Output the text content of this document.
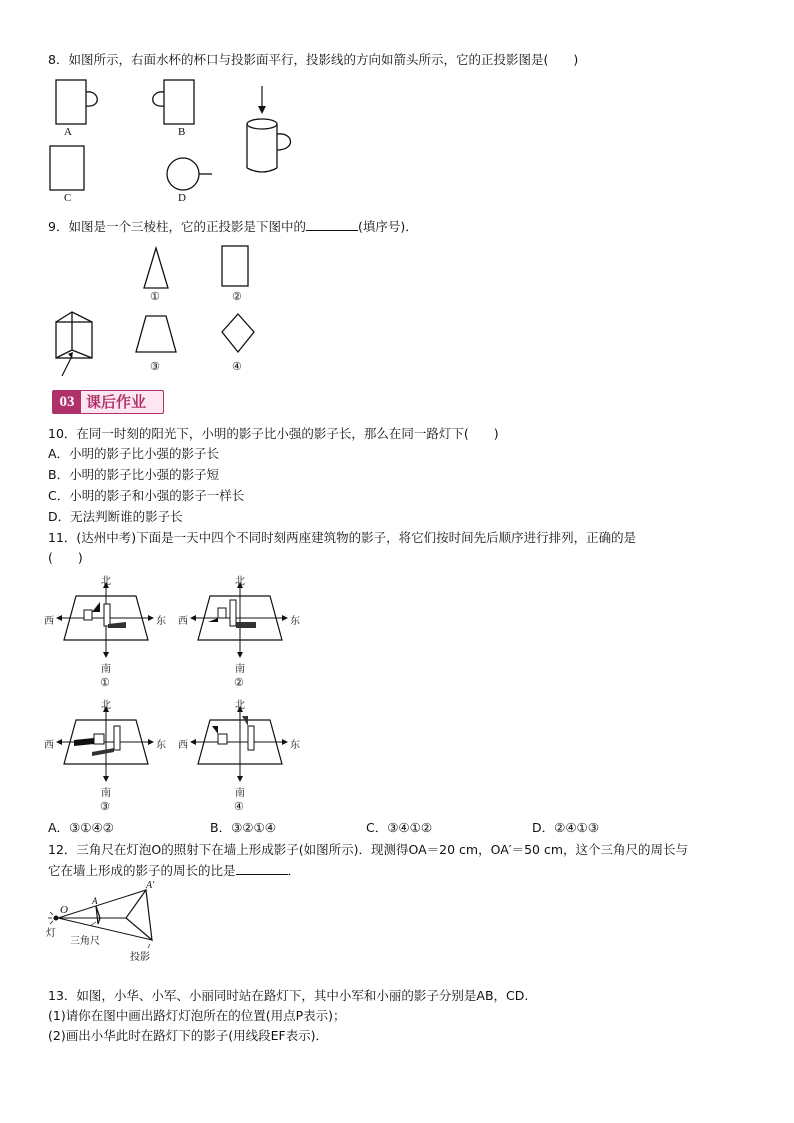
8．如图所示，右面水杯的杯口与投影面平行，投影线的方向如箭头所示，它的正投影图是(　　)
A	B
C	D
9．如图是一个三棱柱，它的正投影是下图中的	(填序号)．
①	②
③	④
03 课后作业
10．在同一时刻的阳光下，小明的影子比小强的影子长，那么在同一路灯下(　　)
A．小明的影子比小强的影子长
B．小明的影子比小强的影子短
C．小明的影子和小强的影子一样长
D．无法判断谁的影子长
11．(达州中考)下面是一天中四个不同时刻两座建筑物的影子，将它们按时间先后顺序进行排列，正确的是
(　　)
北
西	东
南
①
北
西	东
南
②
北
西	东
南
③
北
西	东
南
④
A．③①④②	B．③②①④	C．③④①②	D．②④①③
12．三角尺在灯泡O的照射下在墙上形成影子(如图所示)．现测得OA＝20 cm，OA′＝50 cm，这个三角尺的周长与
它在墙上形成的影子的周长的比是	．
O
A
A′
灯
三角尺
投影
13．如图，小华、小军、小丽同时站在路灯下，其中小军和小丽的影子分别是AB，CD.
(1)请你在图中画出路灯灯泡所在的位置(用点P表示)；
(2)画出小华此时在路灯下的影子(用线段EF表示)．
